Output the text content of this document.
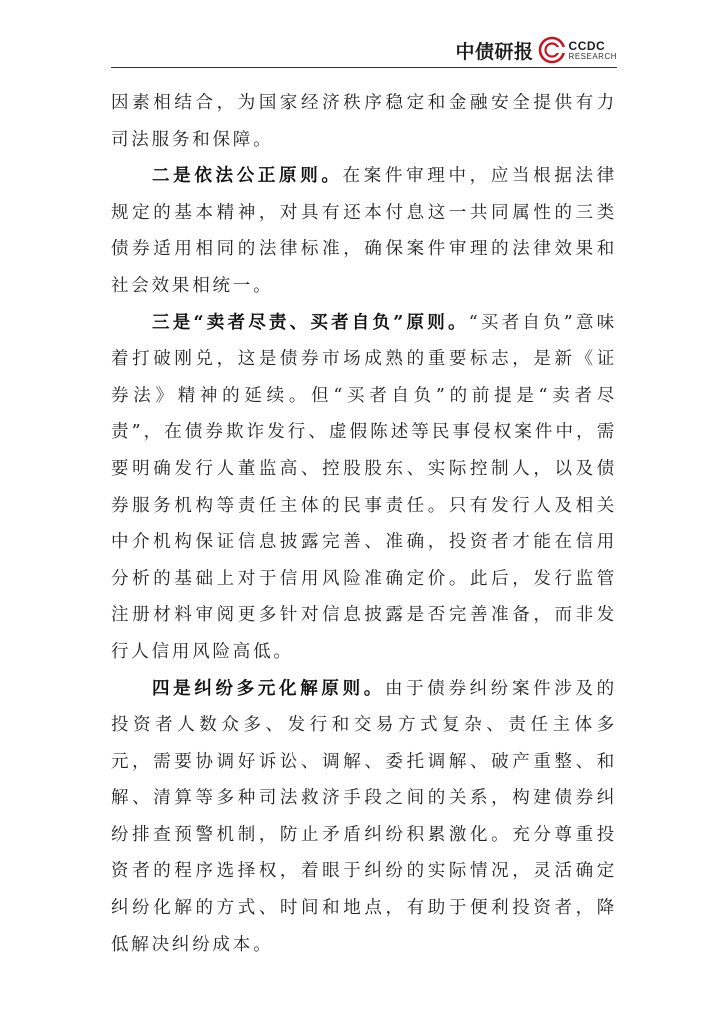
中债研报	CCDC
RESEARCH

因素相结合，为国家经济秩序稳定和金融安全提供有力司法服务和保障。

二是依法公正原则。在案件审理中，应当根据法律规定的基本精神，对具有还本付息这一共同属性的三类债券适用相同的法律标准，确保案件审理的法律效果和社会效果相统一。

三是“卖者尽责、买者自负”原则。“买者自负”意味着打破刚兑，这是债券市场成熟的重要标志，是新《证券法》精神的延续。但“买者自负”的前提是“卖者尽责”，在债券欺诈发行、虚假陈述等民事侵权案件中，需要明确发行人董监高、控股股东、实际控制人，以及债券服务机构等责任主体的民事责任。只有发行人及相关中介机构保证信息披露完善、准确，投资者才能在信用分析的基础上对于信用风险准确定价。此后，发行监管注册材料审阅更多针对信息披露是否完善准备，而非发行人信用风险高低。

四是纠纷多元化解原则。由于债券纠纷案件涉及的投资者人数众多、发行和交易方式复杂、责任主体多元，需要协调好诉讼、调解、委托调解、破产重整、和解、清算等多种司法救济手段之间的关系，构建债券纠纷排查预警机制，防止矛盾纠纷积累激化。充分尊重投资者的程序选择权，着眼于纠纷的实际情况，灵活确定纠纷化解的方式、时间和地点，有助于便利投资者，降低解决纠纷成本。
